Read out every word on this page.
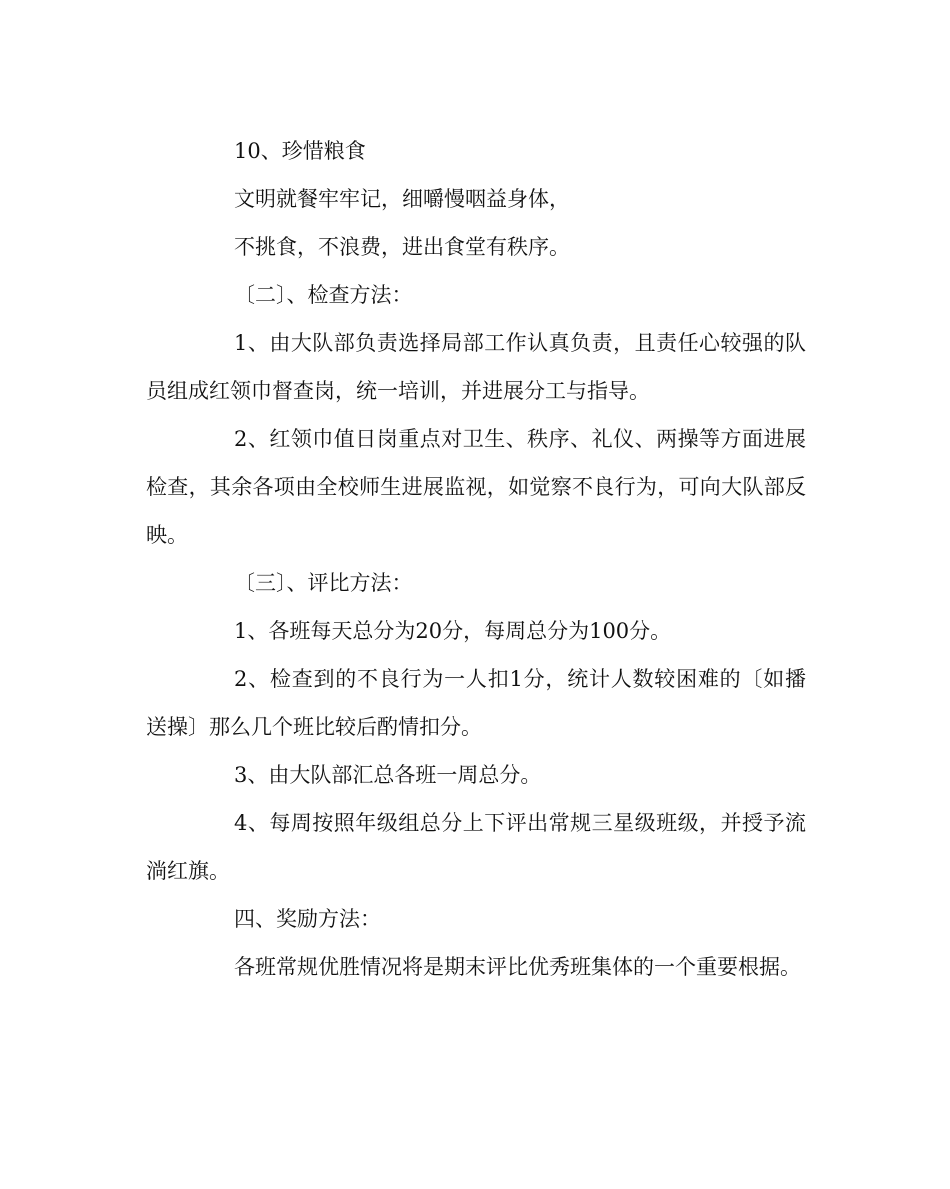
10、珍惜粮食

文明就餐牢牢记，细嚼慢咽益身体，

不挑食，不浪费，进出食堂有秩序。

〔二〕、检查方法：

1、由大队部负责选择局部工作认真负责，且责任心较强的队员组成红领巾督查岗，统一培训，并进展分工与指导。

2、红领巾值日岗重点对卫生、秩序、礼仪、两操等方面进展检查，其余各项由全校师生进展监视，如觉察不良行为，可向大队部反映。

〔三〕、评比方法：

1、各班每天总分为20分，每周总分为100分。

2、检查到的不良行为一人扣1分，统计人数较困难的〔如播送操〕那么几个班比较后酌情扣分。

3、由大队部汇总各班一周总分。

4、每周按照年级组总分上下评出常规三星级班级，并授予流淌红旗。

四、奖励方法：

各班常规优胜情况将是期末评比优秀班集体的一个重要根据。
